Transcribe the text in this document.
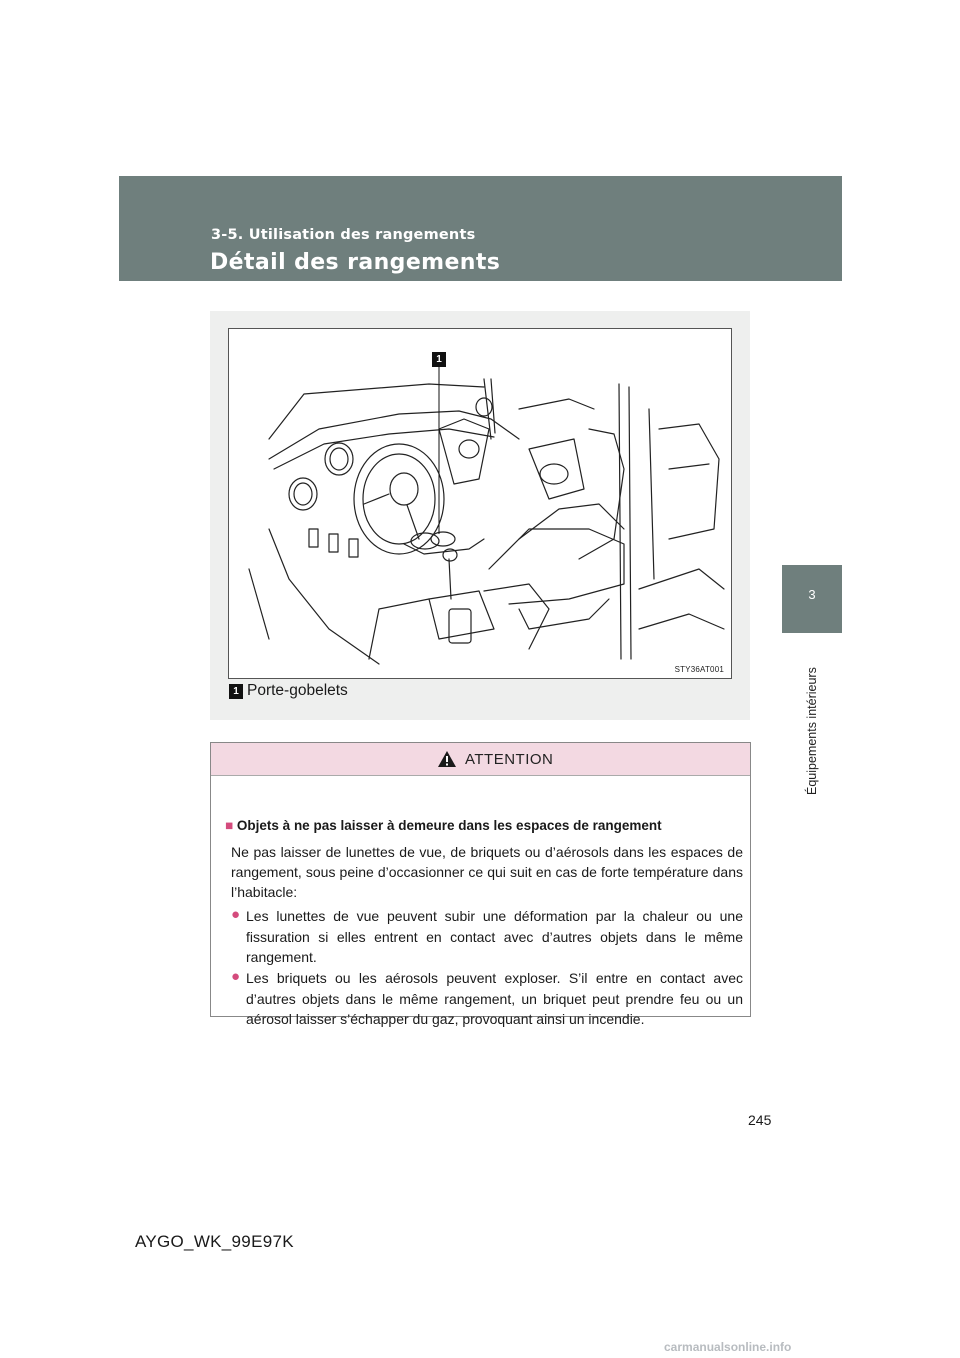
3-5. Utilisation des rangements
Détail des rangements
3
Équipements intérieurs
STY36AT001
1
1 Porte-gobelets
ATTENTION
■ Objets à ne pas laisser à demeure dans les espaces de rangement
Ne pas laisser de lunettes de vue, de briquets ou d’aérosols dans les espaces de rangement, sous peine d’occasionner ce qui suit en cas de forte température dans l’habitacle:
● Les lunettes de vue peuvent subir une déformation par la chaleur ou une fissuration si elles entrent en contact avec d’autres objets dans le même rangement.
● Les briquets ou les aérosols peuvent exploser. S’il entre en contact avec d’autres objets dans le même rangement, un briquet peut prendre feu ou un aérosol laisser s’échapper du gaz, provoquant ainsi un incendie.
245
AYGO_WK_99E97K
carmanualsonline.info
